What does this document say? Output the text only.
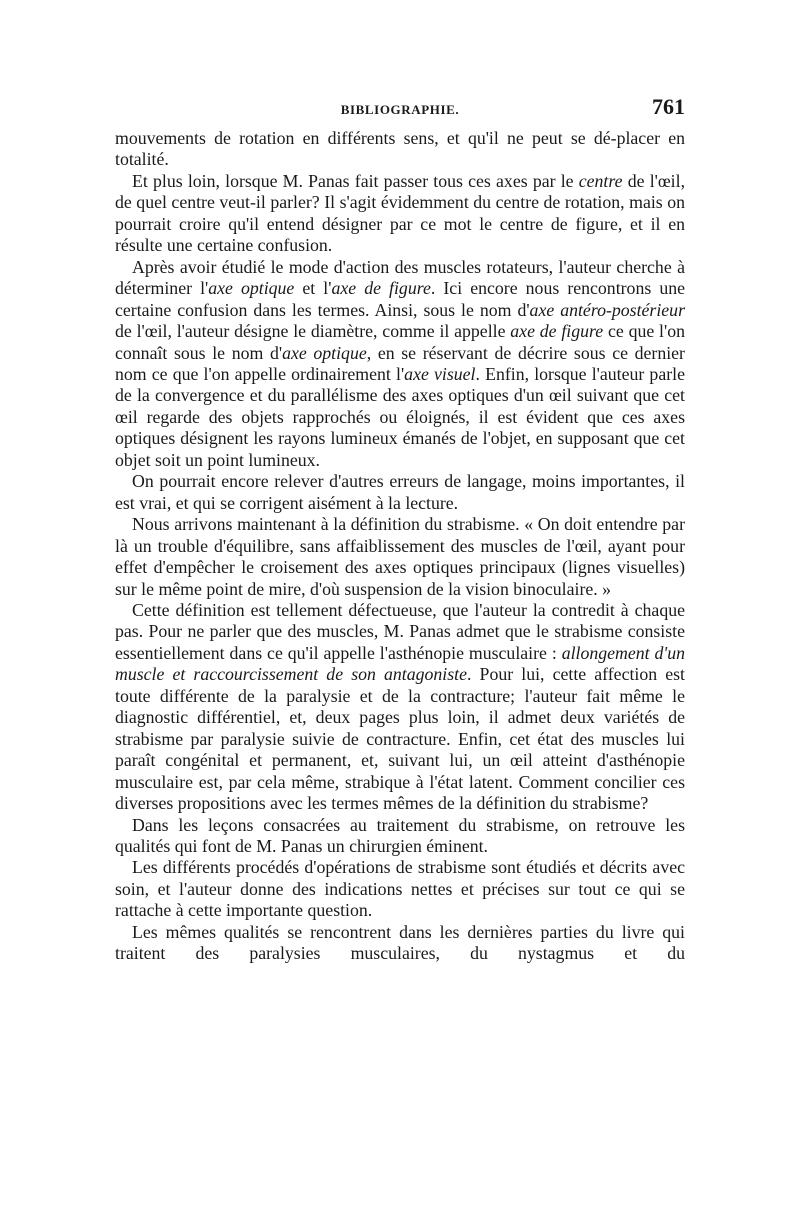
BIBLIOGRAPHIE.	761

mouvements de rotation en différents sens, et qu'il ne peut se dé-placer en totalité.

Et plus loin, lorsque M. Panas fait passer tous ces axes par le centre de l'œil, de quel centre veut-il parler? Il s'agit évidemment du centre de rotation, mais on pourrait croire qu'il entend désigner par ce mot le centre de figure, et il en résulte une certaine confusion.

Après avoir étudié le mode d'action des muscles rotateurs, l'auteur cherche à déterminer l'axe optique et l'axe de figure. Ici encore nous rencontrons une certaine confusion dans les termes. Ainsi, sous le nom d'axe antéro-postérieur de l'œil, l'auteur désigne le diamètre, comme il appelle axe de figure ce que l'on connaît sous le nom d'axe optique, en se réservant de décrire sous ce dernier nom ce que l'on appelle ordinairement l'axe visuel. Enfin, lorsque l'auteur parle de la convergence et du parallélisme des axes optiques d'un œil suivant que cet œil regarde des objets rapprochés ou éloignés, il est évident que ces axes optiques désignent les rayons lumineux émanés de l'objet, en supposant que cet objet soit un point lumineux.

On pourrait encore relever d'autres erreurs de langage, moins importantes, il est vrai, et qui se corrigent aisément à la lecture.

Nous arrivons maintenant à la définition du strabisme. « On doit entendre par là un trouble d'équilibre, sans affaiblissement des muscles de l'œil, ayant pour effet d'empêcher le croisement des axes optiques principaux (lignes visuelles) sur le même point de mire, d'où suspension de la vision binoculaire. »

Cette définition est tellement défectueuse, que l'auteur la contredit à chaque pas. Pour ne parler que des muscles, M. Panas admet que le strabisme consiste essentiellement dans ce qu'il appelle l'asthénopie musculaire : allongement d'un muscle et raccourcissement de son antagoniste. Pour lui, cette affection est toute différente de la paralysie et de la contracture; l'auteur fait même le diagnostic différentiel, et, deux pages plus loin, il admet deux variétés de strabisme par paralysie suivie de contracture. Enfin, cet état des muscles lui paraît congénital et permanent, et, suivant lui, un œil atteint d'asthénopie musculaire est, par cela même, strabique à l'état latent. Comment concilier ces diverses propositions avec les termes mêmes de la définition du strabisme?

Dans les leçons consacrées au traitement du strabisme, on retrouve les qualités qui font de M. Panas un chirurgien éminent.

Les différents procédés d'opérations de strabisme sont étudiés et décrits avec soin, et l'auteur donne des indications nettes et précises sur tout ce qui se rattache à cette importante question.

Les mêmes qualités se rencontrent dans les dernières parties du livre qui traitent des paralysies musculaires, du nystagmus et du
